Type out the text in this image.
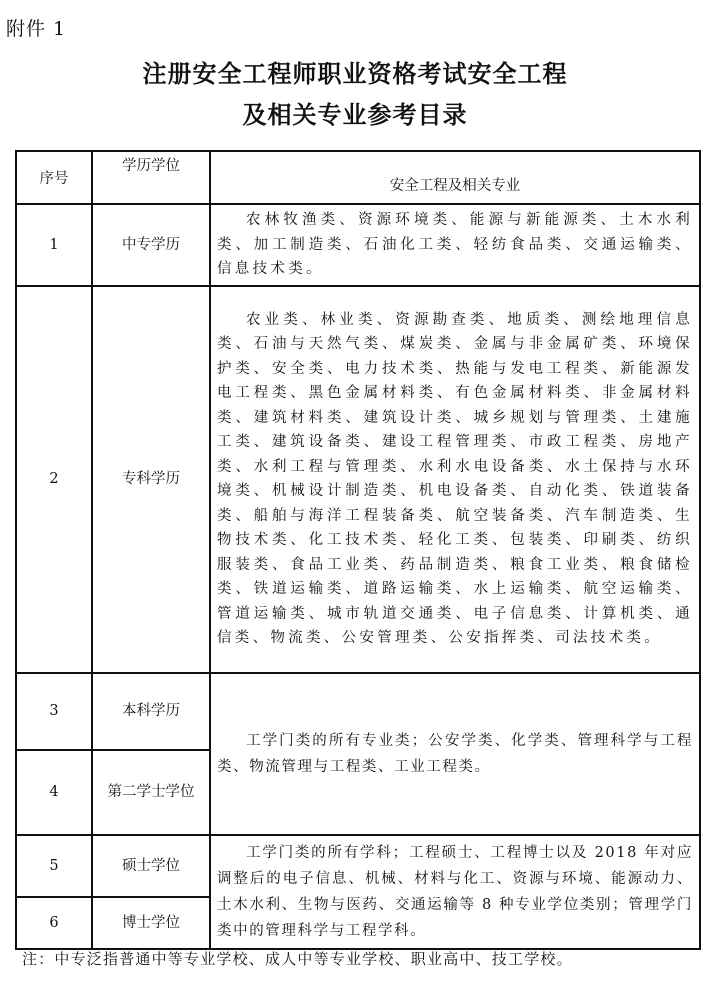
附件 1
注册安全工程师职业资格考试安全工程
及相关专业参考目录
序号	学历学位	安全工程及相关专业
1	中专学历	农林牧渔类、资源环境类、能源与新能源类、土木水利类、加工制造类、石油化工类、轻纺食品类、交通运输类、信息技术类。
2	专科学历	农业类、林业类、资源勘查类、地质类、测绘地理信息类、石油与天然气类、煤炭类、金属与非金属矿类、环境保护类、安全类、电力技术类、热能与发电工程类、新能源发电工程类、黑色金属材料类、有色金属材料类、非金属材料类、建筑材料类、建筑设计类、城乡规划与管理类、土建施工类、建筑设备类、建设工程管理类、市政工程类、房地产类、水利工程与管理类、水利水电设备类、水土保持与水环境类、机械设计制造类、机电设备类、自动化类、铁道装备类、船舶与海洋工程装备类、航空装备类、汽车制造类、生物技术类、化工技术类、轻化工类、包装类、印刷类、纺织服装类、食品工业类、药品制造类、粮食工业类、粮食储检类、铁道运输类、道路运输类、水上运输类、航空运输类、管道运输类、城市轨道交通类、电子信息类、计算机类、通信类、物流类、公安管理类、公安指挥类、司法技术类。
3	本科学历	工学门类的所有专业类；公安学类、化学类、管理科学与工程类、物流管理与工程类、工业工程类。
4	第二学士学位	
5	硕士学位	工学门类的所有学科；工程硕士、工程博士以及 2018 年对应调整后的电子信息、机械、材料与化工、资源与环境、能源动力、土木水利、生物与医药、交通运输等 8 种专业学位类别；管理学门类中的管理科学与工程学科。
6	博士学位	
注：中专泛指普通中等专业学校、成人中等专业学校、职业高中、技工学校。
